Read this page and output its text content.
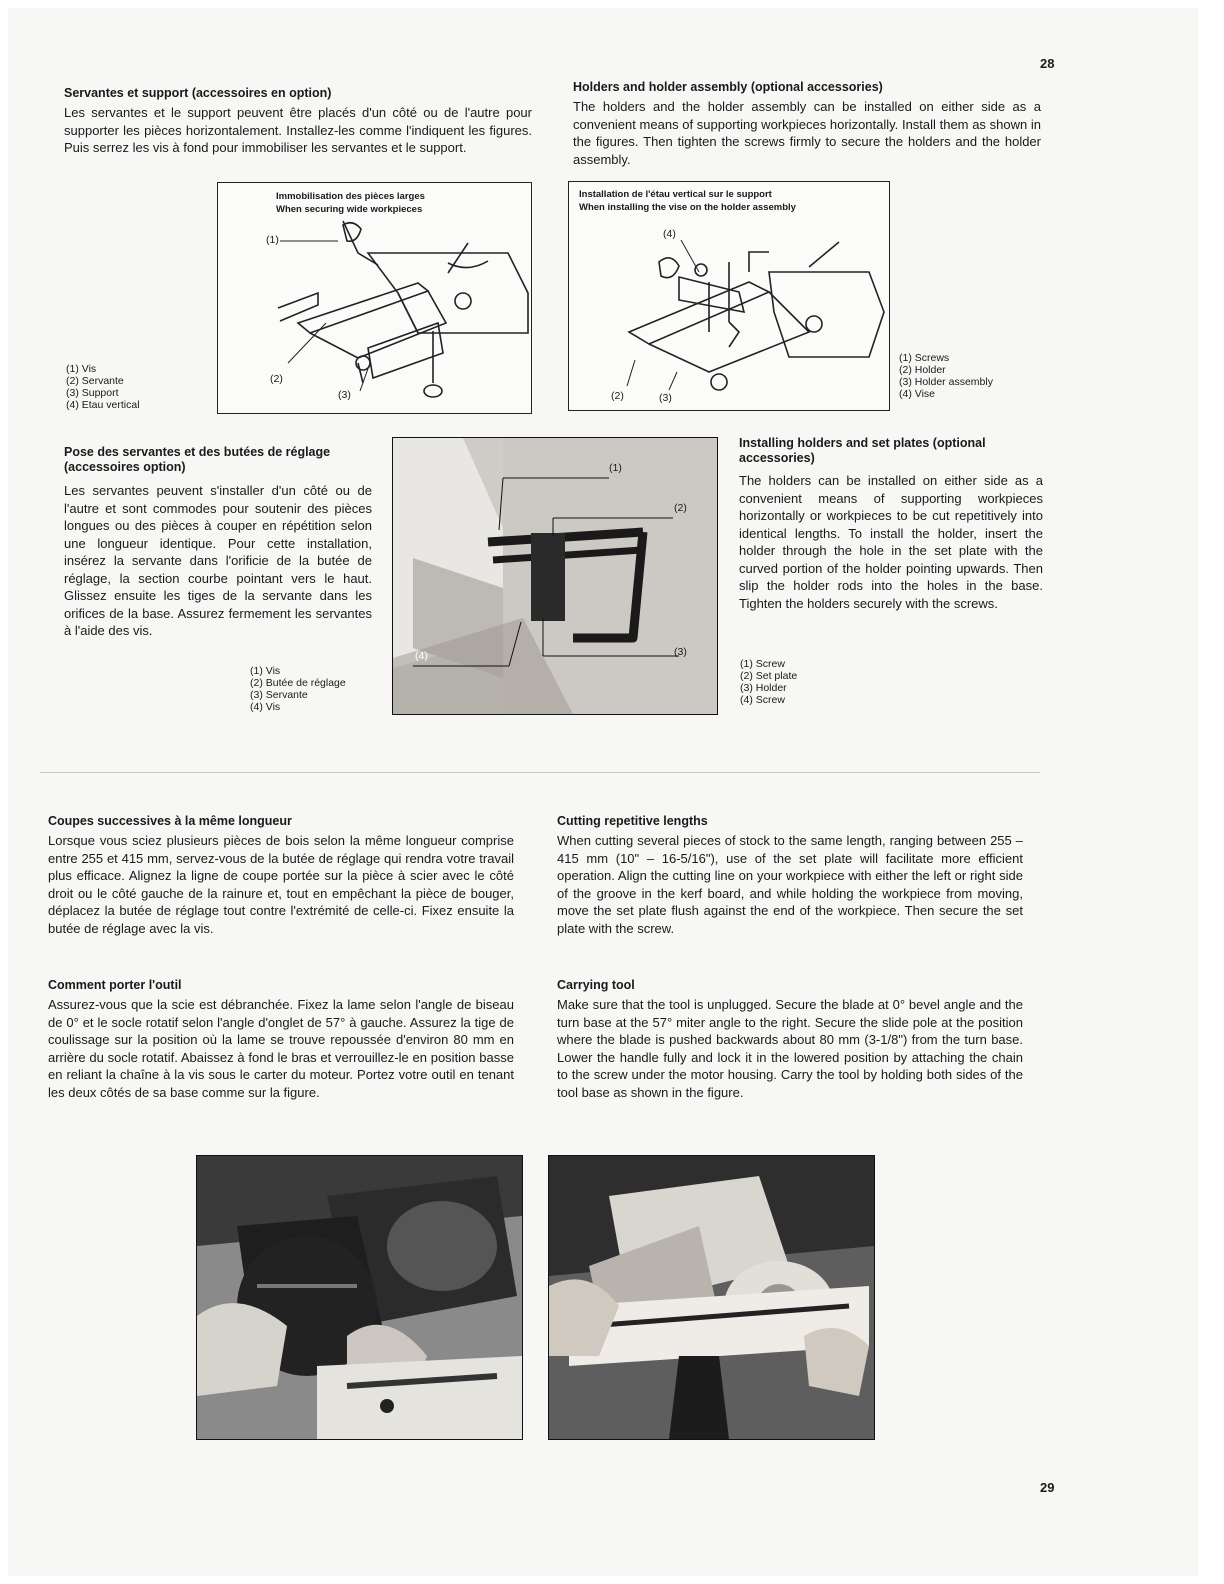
28
Servantes et support (accessoires en option)
Les servantes et le support peuvent être placés d'un côté ou de l'autre pour supporter les pièces horizontalement. Installez-les comme l'indiquent les figures. Puis serrez les vis à fond pour immobiliser les servantes et le support.
Holders and holder assembly (optional accessories)
The holders and the holder assembly can be installed on either side as a convenient means of supporting workpieces horizontally. Install them as shown in the figures. Then tighten the screws firmly to secure the holders and the holder assembly.
Immobilisation des pièces larges
When securing wide workpieces
(1)
(2)
(3)
(1) Vis
(2) Servante
(3) Support
(4) Etau vertical
Installation de l'étau vertical sur le support
When installing the vise on the holder assembly
(4)
(2)	(3)
(1) Screws
(2) Holder
(3) Holder assembly
(4) Vise
Pose des servantes et des butées de réglage (accessoires option)
Les servantes peuvent s'installer d'un côté ou de l'autre et sont commodes pour soutenir des pièces longues ou des pièces à couper en répétition selon une longueur identique. Pour cette installation, insérez la servante dans l'orificie de la butée de réglage, la section courbe pointant vers le haut. Glissez ensuite les tiges de la servante dans les orifices de la base. Assurez fermement les servantes à l'aide des vis.
(1) Vis
(2) Butée de réglage
(3) Servante
(4) Vis
(1)
(2)
(3)
(4)
Installing holders and set plates (optional accessories)
The holders can be installed on either side as a convenient means of supporting workpieces horizontally or workpieces to be cut repetitively into identical lengths. To install the holder, insert the holder through the hole in the set plate with the curved portion of the holder pointing upwards. Then slip the holder rods into the holes in the base. Tighten the holders securely with the screws.
(1) Screw
(2) Set plate
(3) Holder
(4) Screw
Coupes successives à la même longueur
Lorsque vous sciez plusieurs pièces de bois selon la même longueur comprise entre 255 et 415 mm, servez-vous de la butée de réglage qui rendra votre travail plus efficace. Alignez la ligne de coupe portée sur la pièce à scier avec le côté droit ou le côté gauche de la rainure et, tout en empêchant la pièce de bouger, déplacez la butée de réglage tout contre l'extrémité de celle-ci. Fixez ensuite la butée de réglage avec la vis.
Cutting repetitive lengths
When cutting several pieces of stock to the same length, ranging between 255 – 415 mm (10" – 16-5/16"), use of the set plate will facilitate more efficient operation. Align the cutting line on your workpiece with either the left or right side of the groove in the kerf board, and while holding the workpiece from moving, move the set plate flush against the end of the workpiece. Then secure the set plate with the screw.
Comment porter l'outil
Assurez-vous que la scie est débranchée. Fixez la lame selon l'angle de biseau de 0° et le socle rotatif selon l'angle d'onglet de 57° à gauche. Assurez la tige de coulissage sur la position où la lame se trouve repoussée d'environ 80 mm en arrière du socle rotatif. Abaissez à fond le bras et verrouillez-le en position basse en reliant la chaîne à la vis sous le carter du moteur. Portez votre outil en tenant les deux côtés de sa base comme sur la figure.
Carrying tool
Make sure that the tool is unplugged. Secure the blade at 0° bevel angle and the turn base at the 57° miter angle to the right. Secure the slide pole at the position where the blade is pushed backwards about 80 mm (3-1/8") from the turn base. Lower the handle fully and lock it in the lowered position by attaching the chain to the screw under the motor housing. Carry the tool by holding both sides of the tool base as shown in the figure.
29
